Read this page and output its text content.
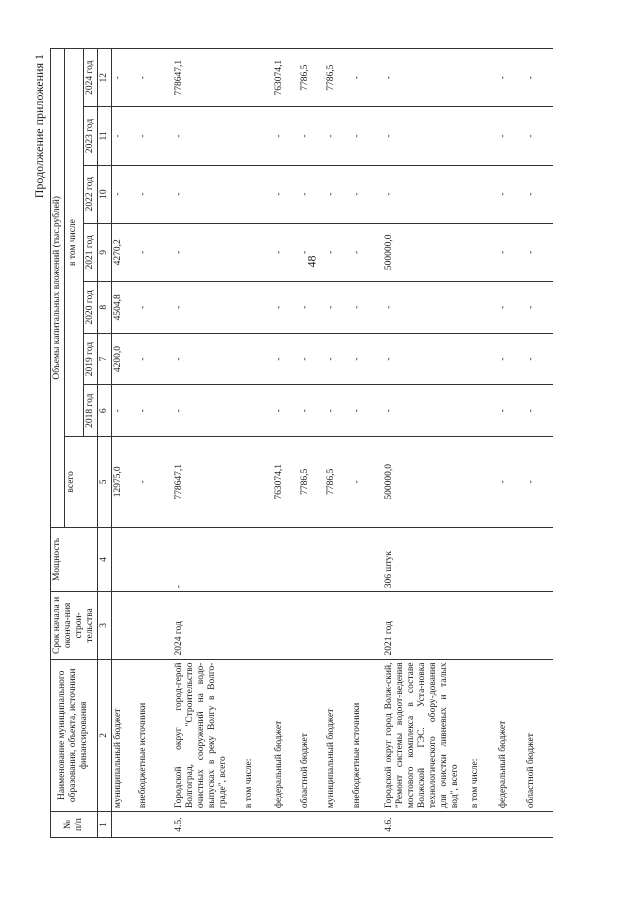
48
Продолжение приложения 1
№ п/п	Наименование муниципального образования, объекта, источники финансирования	Срок начала и оконча-ния строи-тельства	Мощность	Объемы капитальных вложений (тыс.рублей)							
				всего	в том числе						
					2018 год	2019 год	2020 год	2021 год	2022 год	2023 год	2024 год
1	2	3	4	5	6	7	8	9	10	11	12
	муниципальный бюджет			12975,0	-	4200,0	4504,8	4270,2	-	-	-
	внебюджетные источники			-	-	-	-	-	-	-	-
4.5.	Городской округ город-герой Волгоград, "Строительство очистных сооружений на водо-выпусках в реку Волгу в Волго-граде", всего	2024 год	-	778647,1	-	-	-	-	-	-	778647,1
	в том числе:										
	федеральный бюджет			763074,1	-	-	-	-	-	-	763074,1
	областной бюджет			7786,5	-	-	-	-	-	-	7786,5
	муниципальный бюджет			7786,5	-	-	-	-	-	-	7786,5
	внебюджетные источники			-	-	-	-	-	-	-	-
4.6.	Городской округ город Волж-ский, "Ремонт системы водоот-ведения мостового комплекса в составе Волжской ГЭС. Уста-новка технологического обору-дования для очистки ливневых и талых вод", всего	2021 год	306 штук	500000,0	-	-	-	500000,0	-	-	-
	в том числе:										
	федеральный бюджет			-	-	-	-	-	-	-	-
	областной бюджет			-	-	-	-	-	-	-	-
